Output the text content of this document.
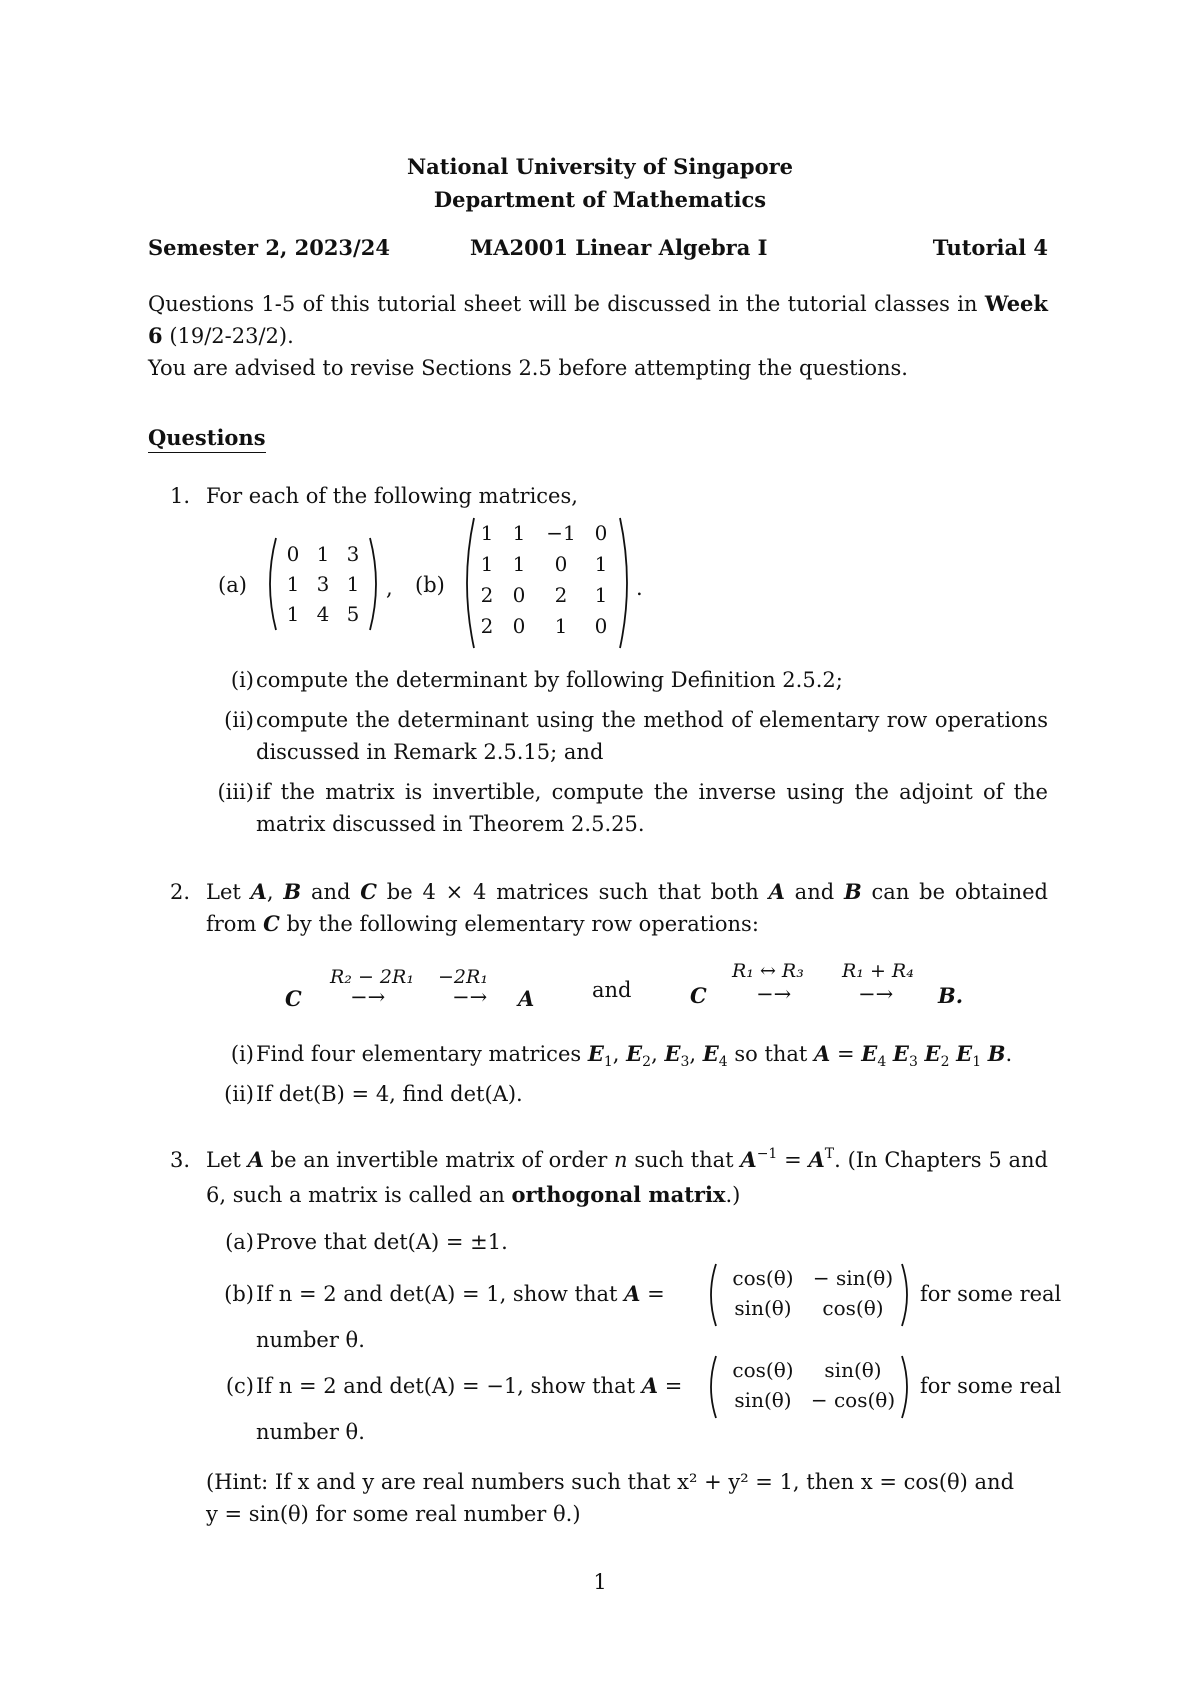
National University of Singapore
Department of Mathematics
Semester 2, 2023/24	MA2001 Linear Algebra I	Tutorial 4
Questions 1-5 of this tutorial sheet will be discussed in the tutorial classes in Week 6 (19/2-23/2).
You are advised to revise Sections 2.5 before attempting the questions.
Questions
1. For each of the following matrices,
(a)
0 1 3
1 3 1
1 4 5
, (b)
1 1	−1 0
1 1	0	1
2 0	2	1
2 0	1	0
.
(i) compute the determinant by following Definition 2.5.2;
(ii) compute the determinant using the method of elementary row operations discussed in Remark 2.5.15; and
(iii) if the matrix is invertible, compute the inverse using the adjoint of the matrix discussed in Theorem 2.5.25.
2. Let A, B and C be 4 × 4 matrices such that both A and B can be obtained from C by the following elementary row operations:
C
R₂ − 2R₁
−→
−2R₁
−→ A	and	C
R₁ ↔ R₃
−→
R₁ + R₄
−→ B.
(i) Find four elementary matrices $E_1$, $E_2$, $E_3$, $E_4$ so that $A = E_4$ $E_3$ $E_2$ $E_1$ B.
(ii) If det(B) = 4, find det(A).
3. Let A be an invertible matrix of order n such that $A^{-1} = A^T$. (In Chapters 5 and 6, such a matrix is called an orthogonal matrix.)
(a) Prove that det(A) = ±1.
(b) If n = 2 and det(A) = 1, show that A =
cos(θ) − sin(θ)
sin(θ)	cos(θ)
for some real
number θ.
(c) If n = 2 and det(A) = −1, show that A =
cos(θ)	sin(θ)
sin(θ) − cos(θ)
for some real
number θ.
(Hint: If x and y are real numbers such that x² + y² = 1, then x = cos(θ) and
y = sin(θ) for some real number θ.)
1
